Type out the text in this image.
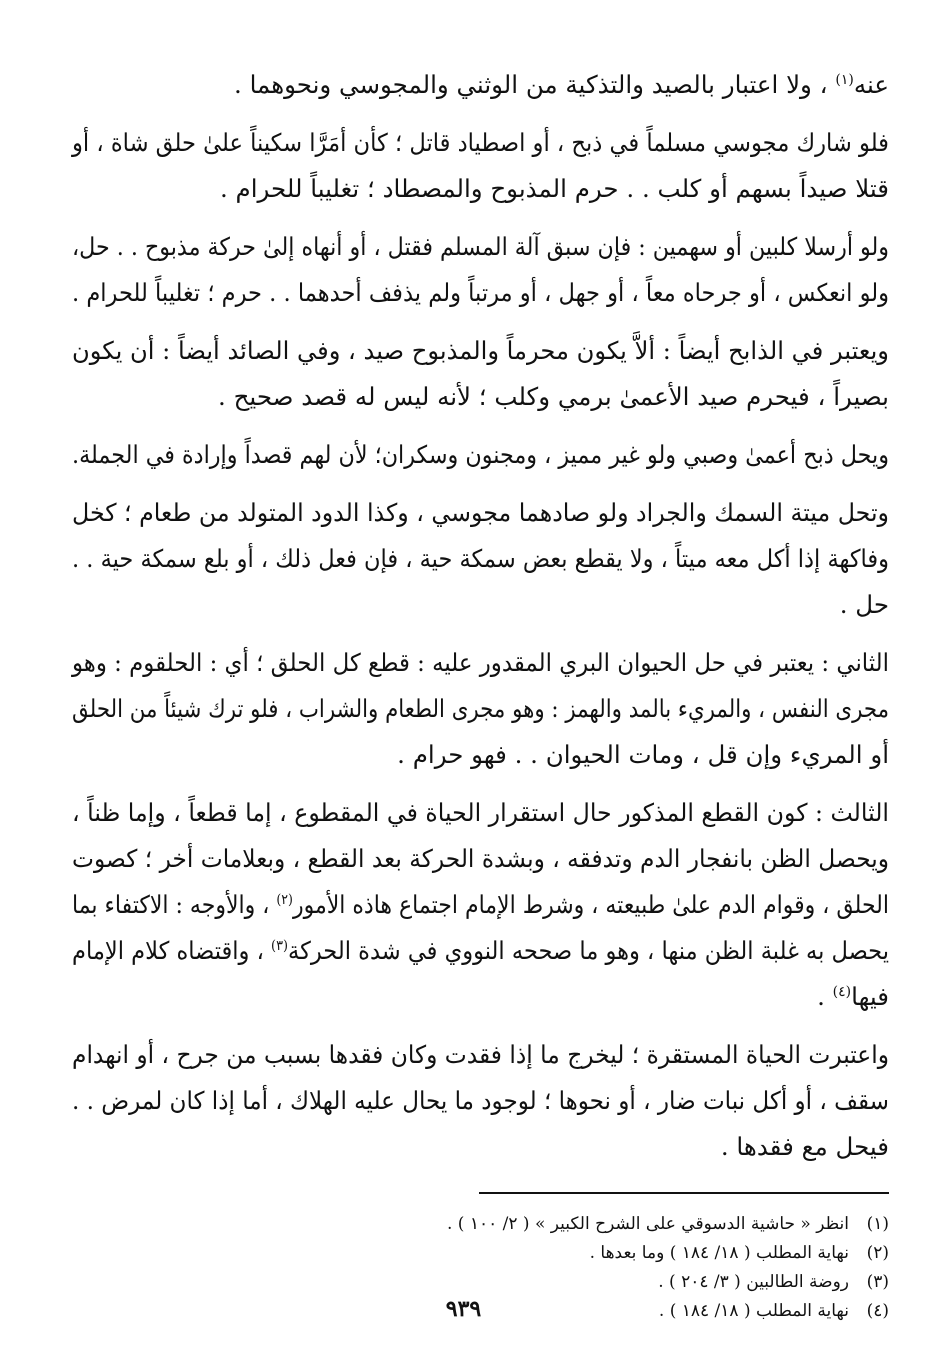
عنه$^{(١)}$ ، ولا اعتبار بالصيد والتذكية من الوثني والمجوسي ونحوهما .
فلو شارك مجوسي مسلماً في ذبح ، أو اصطياد قاتل ؛ كأن أمَرَّا سكيناً علىٰ حلق شاة ، أو
قتلا صيداً بسهم أو كلب . . حرم المذبوح والمصطاد ؛ تغليباً للحرام .
ولو أرسلا كلبين أو سهمين : فإن سبق آلة المسلم فقتل ، أو أنهاه إلىٰ حركة مذبوح . . حل،
ولو انعكس ، أو جرحاه معاً ، أو جهل ، أو مرتباً ولم يذفف أحدهما . . حرم ؛ تغليباً للحرام .
ويعتبر في الذابح أيضاً : ألاَّ يكون محرماً والمذبوح صيد ، وفي الصائد أيضاً : أن يكون
بصيراً ، فيحرم صيد الأعمىٰ برمي وكلب ؛ لأنه ليس له قصد صحيح .
ويحل ذبح أعمىٰ وصبي ولو غير مميز ، ومجنون وسكران؛ لأن لهم قصداً وإرادة في الجملة.
وتحل ميتة السمك والجراد ولو صادهما مجوسي ، وكذا الدود المتولد من طعام ؛ كخل
وفاكهة إذا أكل معه ميتاً ، ولا يقطع بعض سمكة حية ، فإن فعل ذلك ، أو بلع سمكة حية . .
حل .
الثاني : يعتبر في حل الحيوان البري المقدور عليه : قطع كل الحلق ؛ أي : الحلقوم : وهو
مجرى النفس ، والمريء بالمد والهمز : وهو مجرى الطعام والشراب ، فلو ترك شيئاً من الحلق
أو المريء وإن قل ، ومات الحيوان . . فهو حرام .
الثالث : كون القطع المذكور حال استقرار الحياة في المقطوع ، إما قطعاً ، وإما ظناً ،
ويحصل الظن بانفجار الدم وتدفقه ، وبشدة الحركة بعد القطع ، وبعلامات أخر ؛ كصوت
الحلق ، وقوام الدم علىٰ طبيعته ، وشرط الإمام اجتماع هاذه الأمور$^{(٢)}$ ، والأوجه : الاكتفاء بما
يحصل به غلبة الظن منها ، وهو ما صححه النووي في شدة الحركة$^{(٣)}$ ، واقتضاه كلام الإمام
فيها$^{(٤)}$ .
واعتبرت الحياة المستقرة ؛ ليخرج ما إذا فقدت وكان فقدها بسبب من جرح ، أو انهدام
سقف ، أو أكل نبات ضار ، أو نحوها ؛ لوجود ما يحال عليه الهلاك ، أما إذا كان لمرض . .
فيحل مع فقدها .
(١)انظر « حاشية الدسوقي على الشرح الكبير » ( ٢/ ١٠٠ ) .
(٢)نهاية المطلب ( ١٨/ ١٨٤ ) وما بعدها .
(٣)روضة الطالبين ( ٣/ ٢٠٤ ) .
(٤)نهاية المطلب ( ١٨/ ١٨٤ ) .
٩٣٩
